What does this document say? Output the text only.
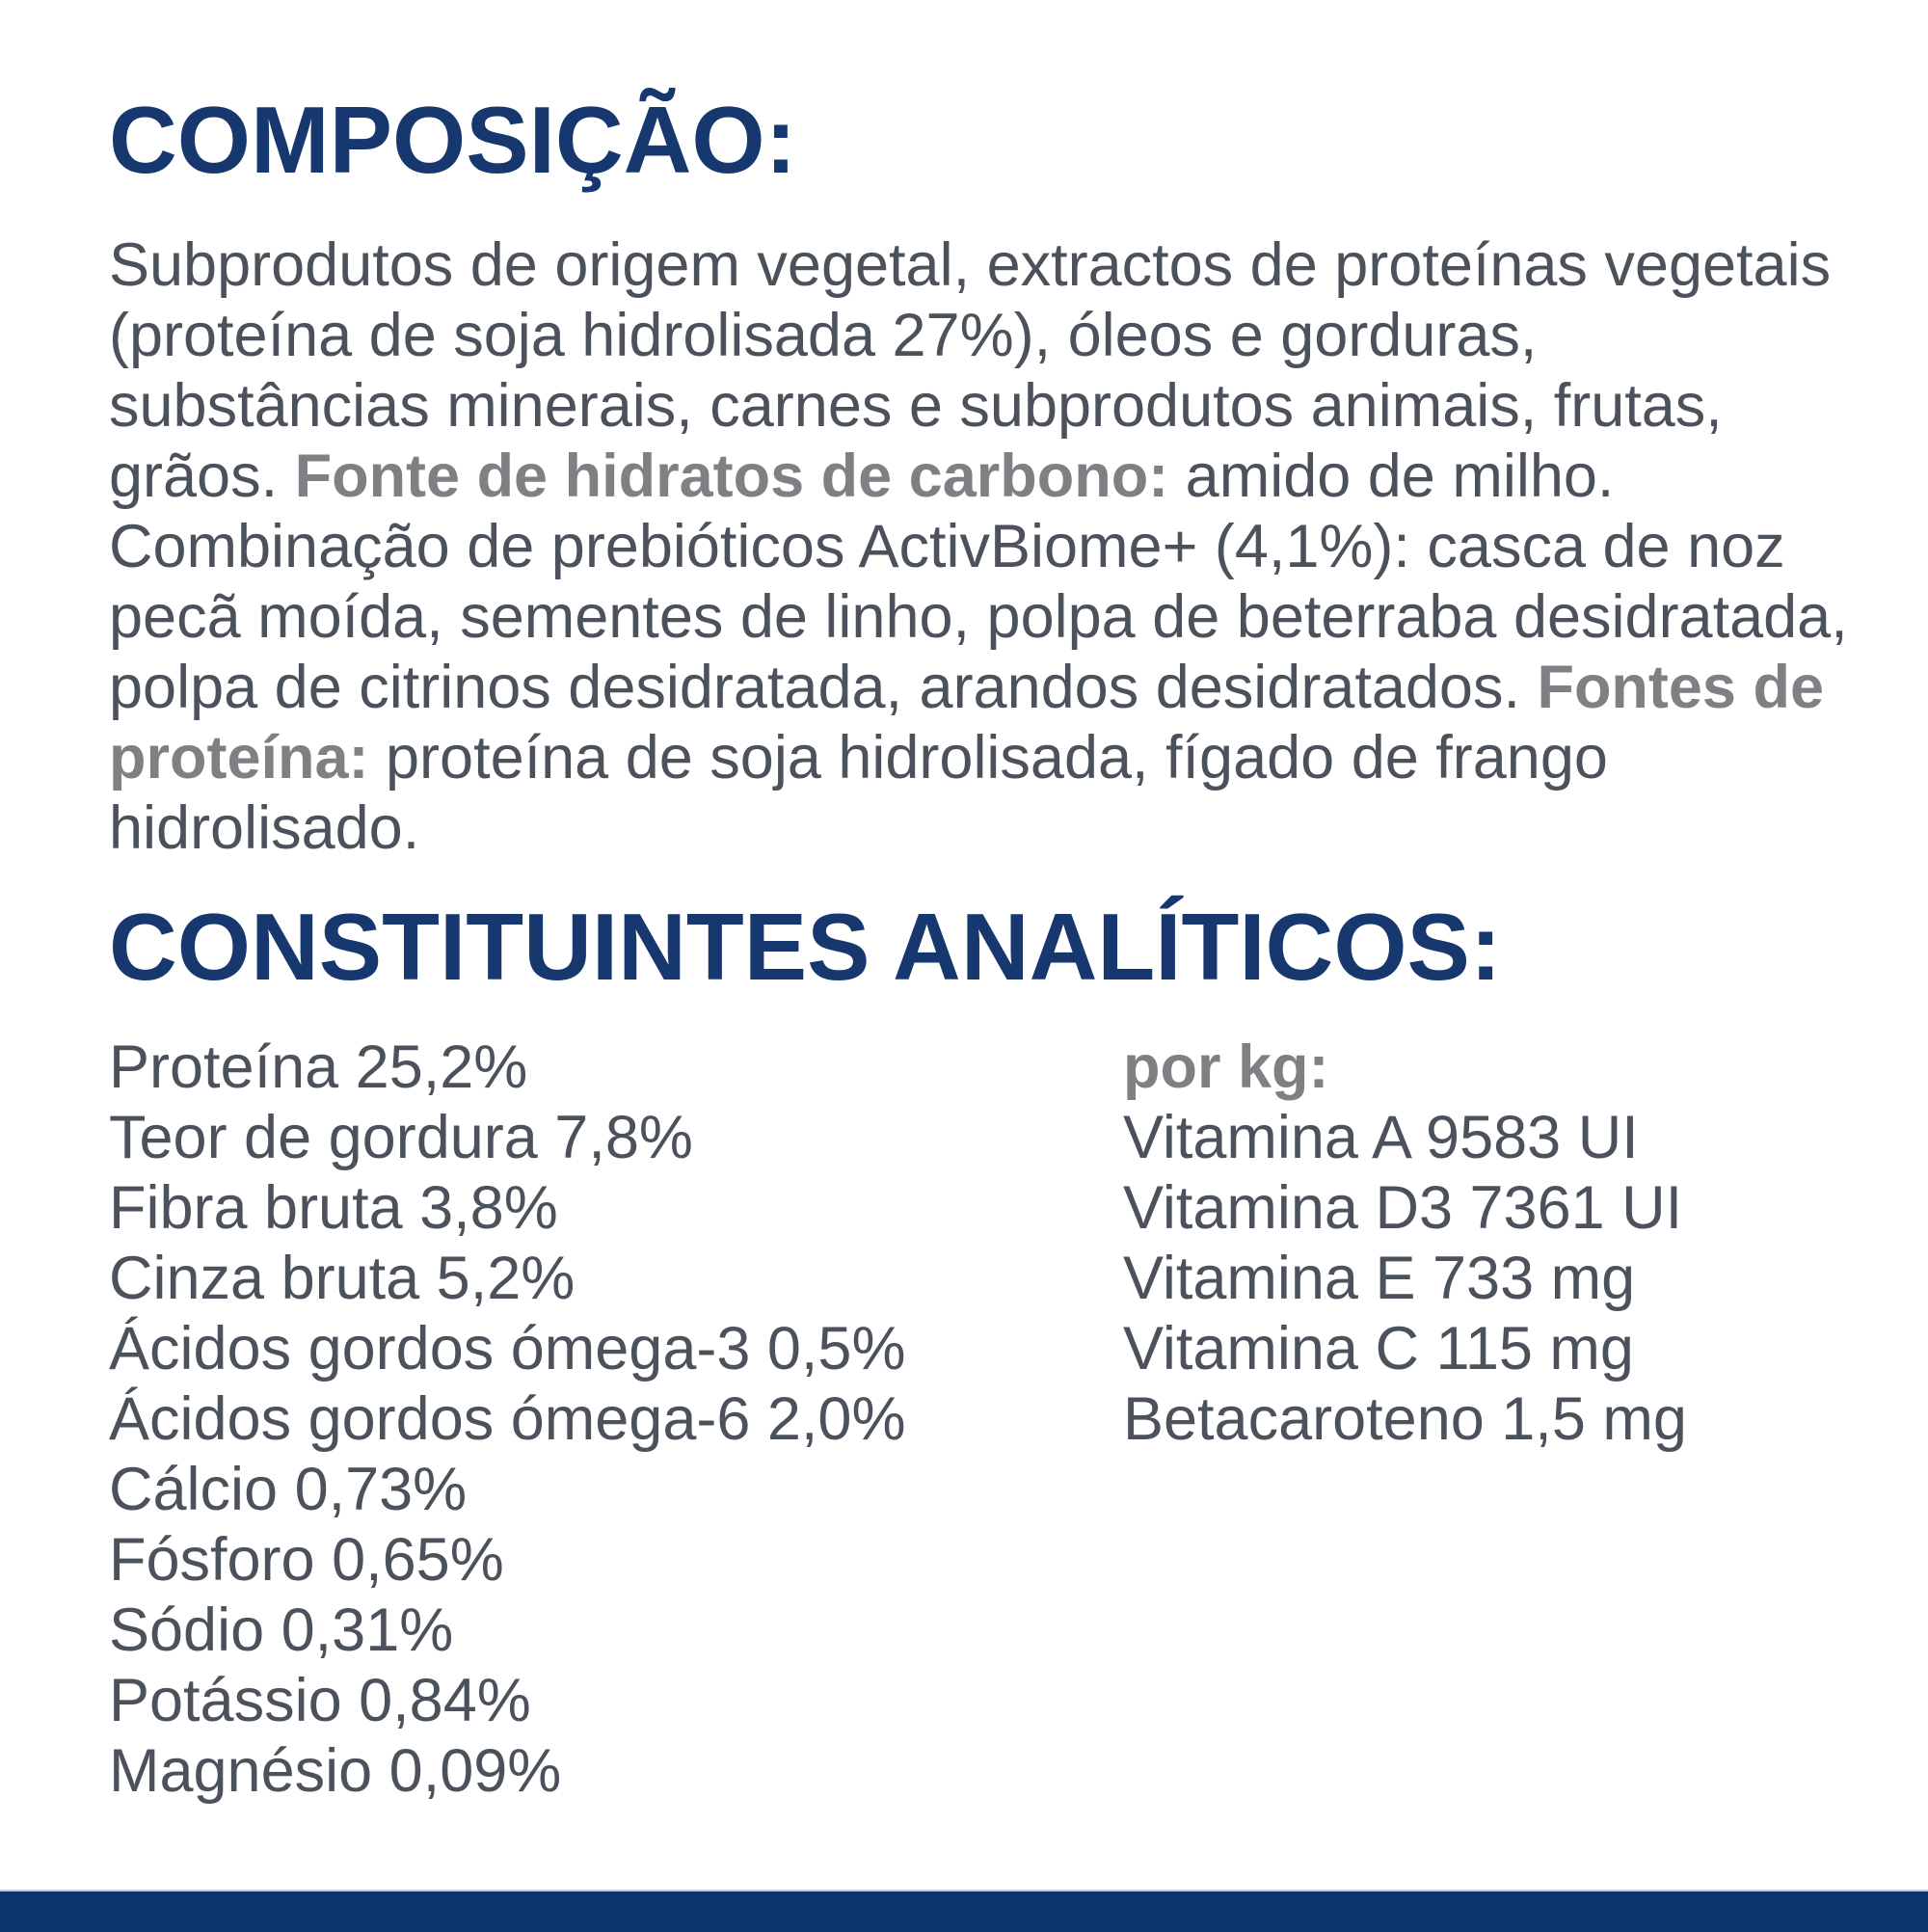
COMPOSIÇÃO:

Subprodutos de origem vegetal, extractos de proteínas vegetais (proteína de soja hidrolisada 27%), óleos e gorduras, substâncias minerais, carnes e subprodutos animais, frutas, grãos. Fonte de hidratos de carbono: amido de milho. Combinação de prebióticos ActivBiome+ (4,1%): casca de noz pecã moída, sementes de linho, polpa de beterraba desidratada, polpa de citrinos desidratada, arandos desidratados. Fontes de proteína: proteína de soja hidrolisada, fígado de frango hidrolisado.

CONSTITUINTES ANALÍTICOS:
Proteína 25,2%
Teor de gordura 7,8%
Fibra bruta 3,8%
Cinza bruta 5,2%
Ácidos gordos ómega-3 0,5%
Ácidos gordos ómega-6 2,0%
Cálcio 0,73%
Fósforo 0,65%
Sódio 0,31%
Potássio 0,84%
Magnésio 0,09%
por kg:
Vitamina A 9583 UI
Vitamina D3 7361 UI
Vitamina E 733 mg
Vitamina C 115 mg
Betacaroteno 1,5 mg
